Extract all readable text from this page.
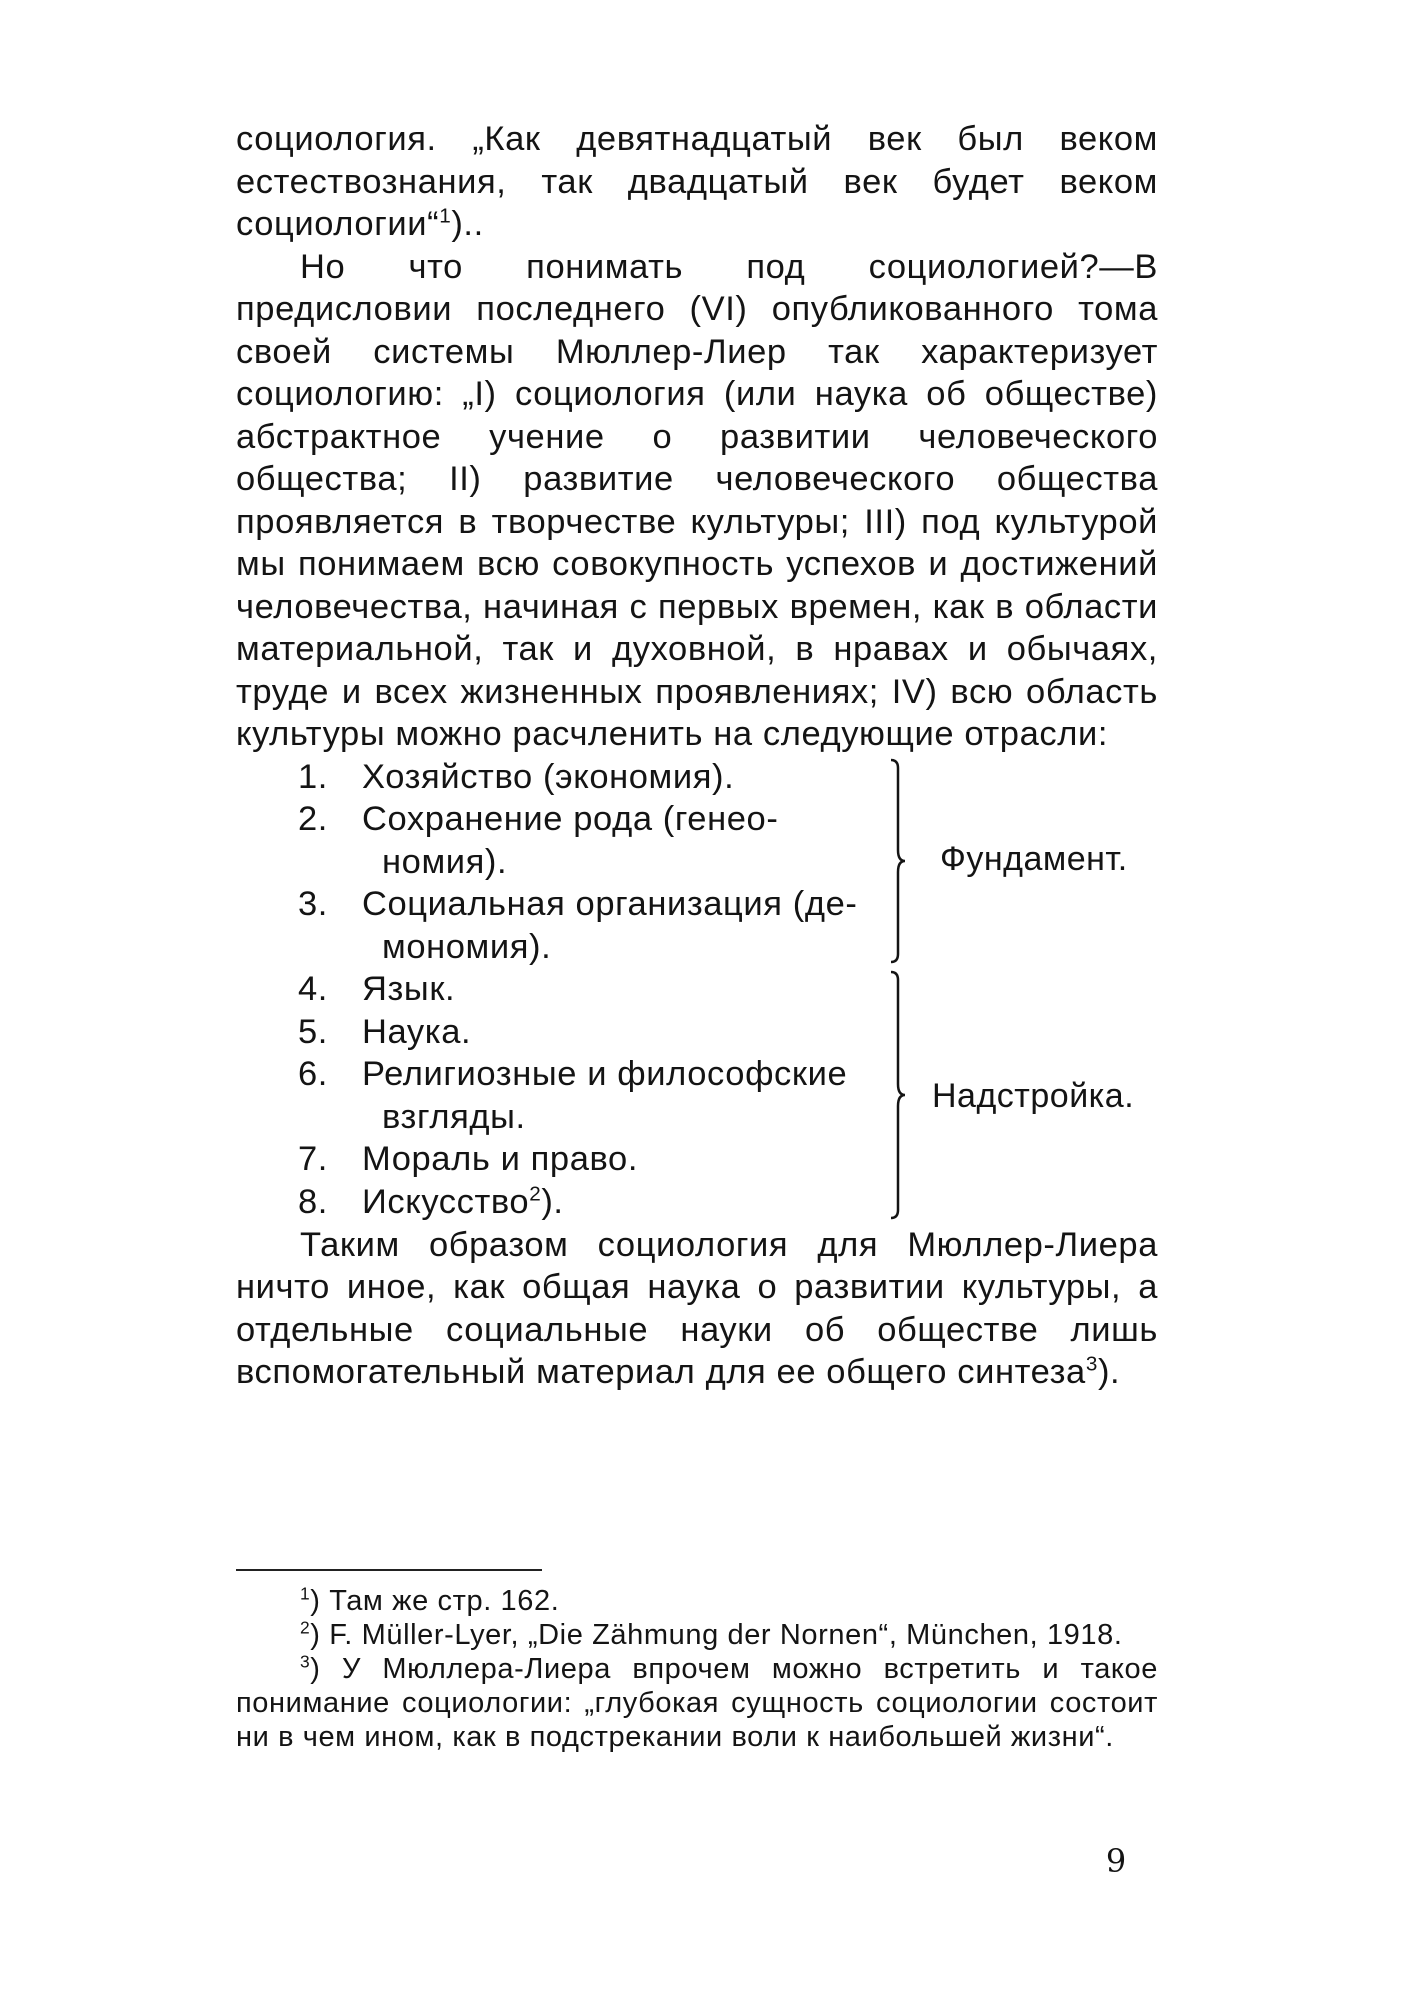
социология. „Как девятнадцатый век был веком естествознания, так двадцатый век будет веком социологии“$^1$)..

Но что понимать под социологией?—В предисловии последнего (VI) опубликованного тома своей системы Мюллер-Лиер так характеризует социологию: „I) социология (или наука об обществе) абстрактное учение о развитии человеческого общества; II) развитие человеческого общества проявляется в творчестве культуры; III) под культурой мы понимаем всю совокупность успехов и достижений человечества, начиная с первых времен, как в области материальной, так и духовной, в нравах и обычаях, труде и всех жизненных проявлениях; IV) всю область культуры можно расчленить на следующие отрасли:

1. Хозяйство (экономия).
2. Сохранение рода (генео-
номия).
3. Социальная организация (де-
мономия).
4. Язык.
5. Наука.
6. Религиозные и философские
взгляды.
7. Мораль и право.
8. Искусство$^2$).
Фундамент.
Надстройка.

Таким образом социология для Мюллер-Лиера ничто иное, как общая наука о развитии культуры, а отдельные социальные науки об обществе лишь вспомогательный материал для ее общего синтеза$^3$).

$^1$) Там же стр. 162.

$^2$) F. Müller-Lyer, „Die Zähmung der Nornen“, München, 1918.

$^3$) У Мюллера-Лиера впрочем можно встретить и такое понимание социологии: „глубокая сущность социологии состоит ни в чем ином, как в подстрекании воли к наибольшей жизни“.

9
